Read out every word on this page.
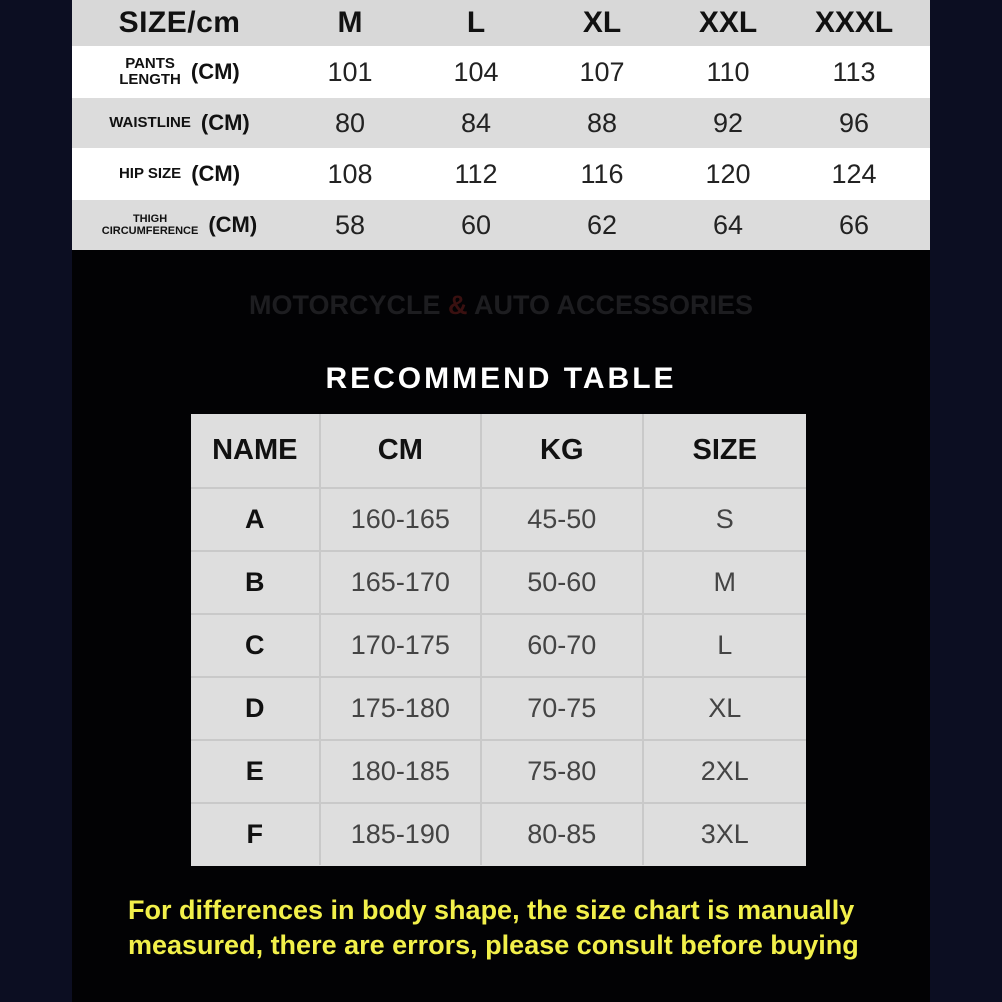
SIZE/cm	M	L	XL	XXL	XXXL
PANTS
LENGTH (CM)	101	104	107	110	113
WAISTLINE (CM)	80	84	88	92	96
HIP SIZE (CM)	108	112	116	120	124
THIGH
CIRCUMFERENCE (CM)	58	60	62	64	66
MOTORCYCLE & AUTO ACCESSORIES
RECOMMEND TABLE
NAME	CM	KG	SIZE
A	160-165	45-50	S
B	165-170	50-60	M
C	170-175	60-70	L
D	175-180	70-75	XL
E	180-185	75-80	2XL
F	185-190	80-85	3XL
For differences in body shape, the size chart is manually measured, there are errors, please consult before buying
